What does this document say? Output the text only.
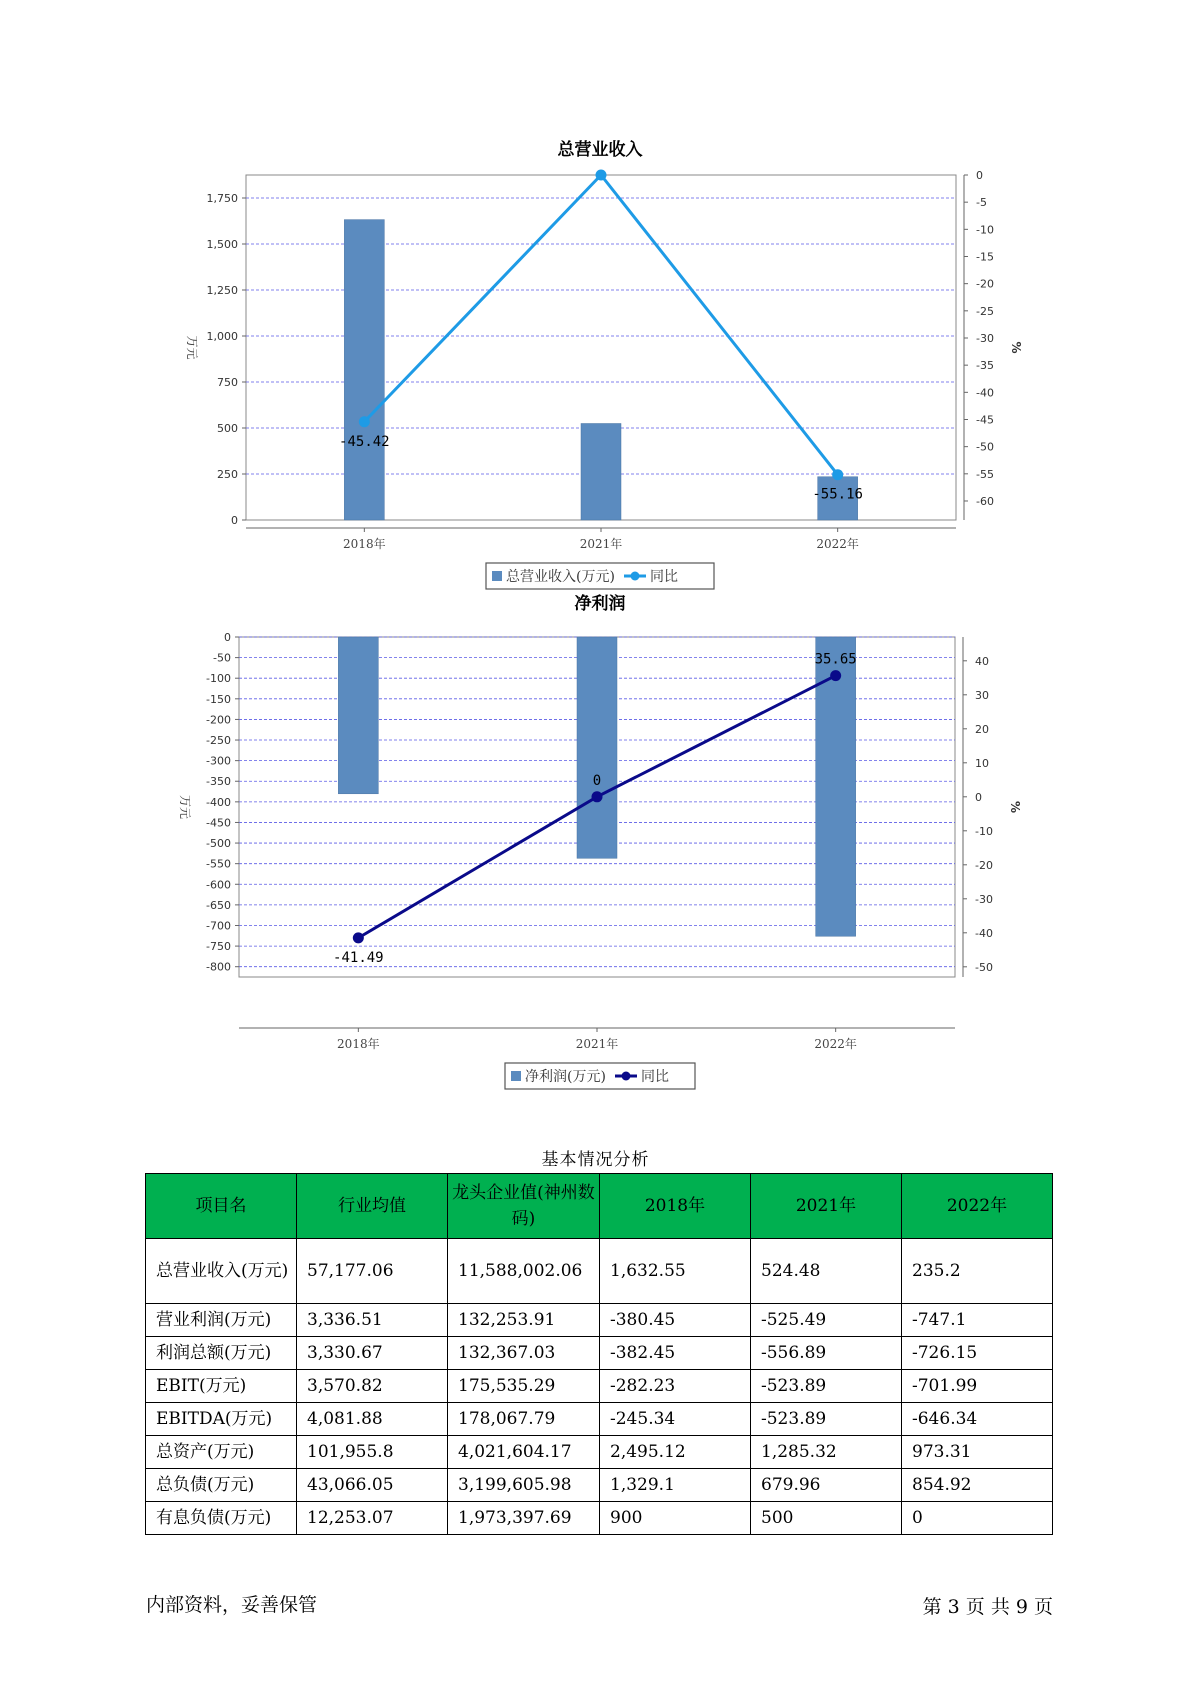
总营业收入
0
250
500
750
1,000
1,250
1,500
1,750
0
-5
-10
-15
-20
-25
-30
-35
-40
-45
-50
-55
-60
万元	%
2018年	2021年	2022年
-45.42
-55.16
总营业收入(万元)	同比
净利润
0
-50
-100
-150
-200
-250
-300
-350
-400
-450
-500
-550
-600
-650
-700
-750
-800
40
30
20
10
0
-10
-20
-30
-40
-50
万元	%
2018年	2021年	2022年
-41.49
0
35.65
净利润(万元)	同比
基本情况分析
项目名	行业均值	龙头企业值(神州数码)	2018年	2021年	2022年
总营业收入(万元)	57,177.06	11,588,002.06	1,632.55	524.48	235.2
营业利润(万元)	3,336.51	132,253.91	-380.45	-525.49	-747.1
利润总额(万元)	3,330.67	132,367.03	-382.45	-556.89	-726.15
EBIT(万元)	3,570.82	175,535.29	-282.23	-523.89	-701.99
EBITDA(万元)	4,081.88	178,067.79	-245.34	-523.89	-646.34
总资产(万元)	101,955.8	4,021,604.17	2,495.12	1,285.32	973.31
总负债(万元)	43,066.05	3,199,605.98	1,329.1	679.96	854.92
有息负债(万元)	12,253.07	1,973,397.69	900	500	0
内部资料，妥善保管	第 3 页 共 9 页
